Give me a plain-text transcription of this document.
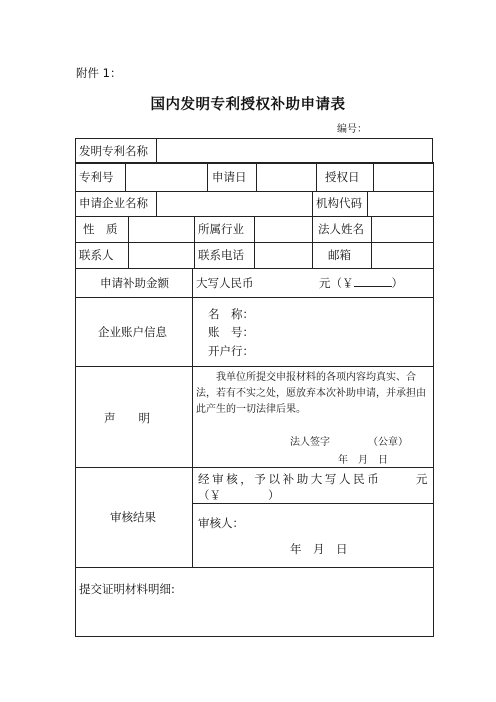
附件 1：
国内发明专利授权补助申请表
编号：
发明专利名称
专利号	申请日	授权日
申请企业名称	机构代码
性　质	所属行业	法人姓名
联系人	联系电话	邮箱
申请补助金额 大写人民币	元（￥	）
企业账户信息
名　称：
账　号：
开户行：
声　　明
我单位所提交申报材料的各项内容均真实、合法，若有不实之处，愿放弃本次补助申请，并承担由此产生的一切法律后果。
法人签字	（公章）
年　月　日
审核结果
经审核，予以补助大写人民币	元
（￥	）
审核人：
年　月　日
提交证明材料明细:
